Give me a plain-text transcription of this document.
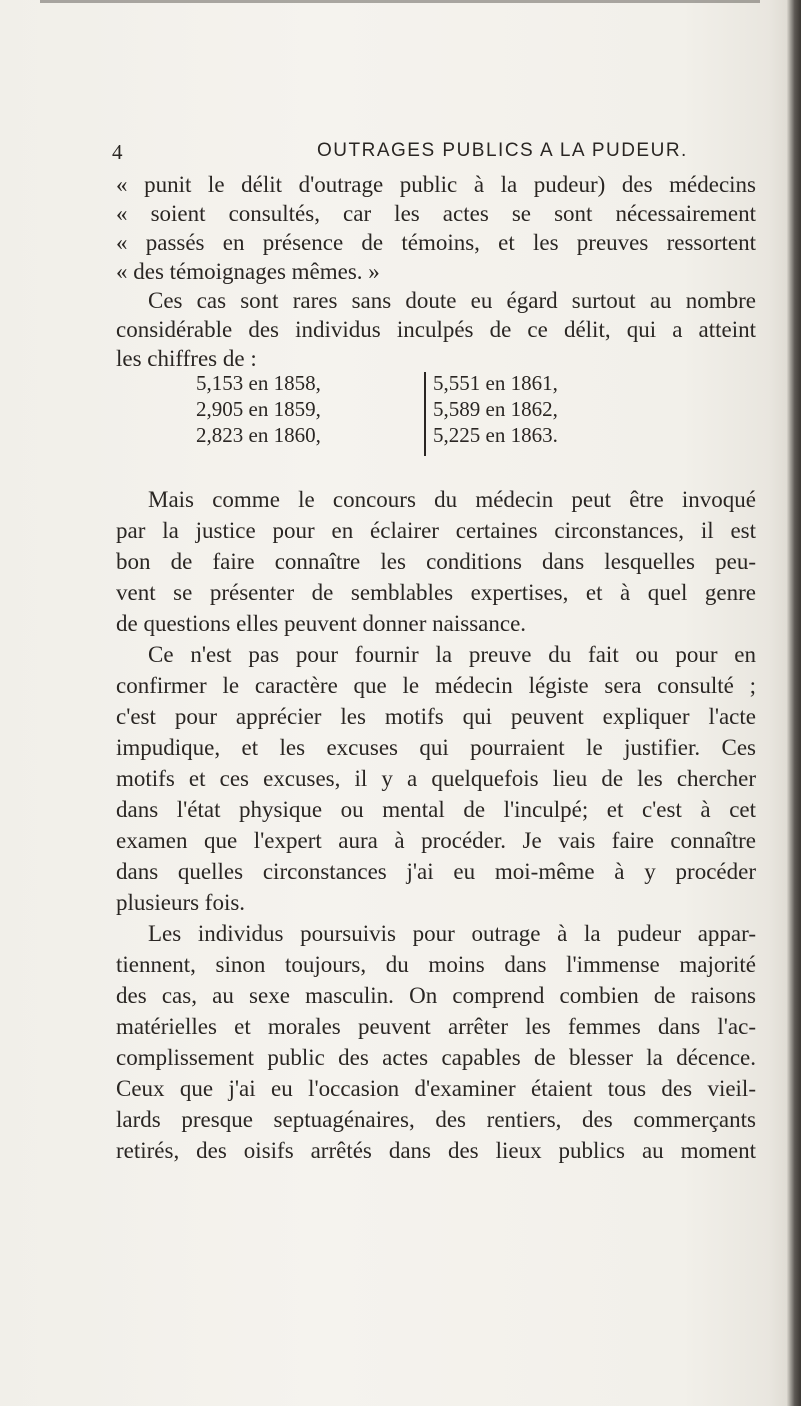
4	OUTRAGES PUBLICS A LA PUDEUR.
« punit le délit d'outrage public à la pudeur) des médecins
« soient consultés, car les actes se sont nécessairement
« passés en présence de témoins, et les preuves ressortent
« des témoignages mêmes. »
Ces cas sont rares sans doute eu égard surtout au nombre
considérable des individus inculpés de ce délit, qui a atteint
les chiffres de :
5,153 en 1858,
2,905 en 1859,
2,823 en 1860,
5,551 en 1861,
5,589 en 1862,
5,225 en 1863.
Mais comme le concours du médecin peut être invoqué
par la justice pour en éclairer certaines circonstances, il est
bon de faire connaître les conditions dans lesquelles peu-
vent se présenter de semblables expertises, et à quel genre
de questions elles peuvent donner naissance.
Ce n'est pas pour fournir la preuve du fait ou pour en
confirmer le caractère que le médecin légiste sera consulté ;
c'est pour apprécier les motifs qui peuvent expliquer l'acte
impudique, et les excuses qui pourraient le justifier. Ces
motifs et ces excuses, il y a quelquefois lieu de les chercher
dans l'état physique ou mental de l'inculpé; et c'est à cet
examen que l'expert aura à procéder. Je vais faire connaître
dans quelles circonstances j'ai eu moi-même à y procéder
plusieurs fois.
Les individus poursuivis pour outrage à la pudeur appar-
tiennent, sinon toujours, du moins dans l'immense majorité
des cas, au sexe masculin. On comprend combien de raisons
matérielles et morales peuvent arrêter les femmes dans l'ac-
complissement public des actes capables de blesser la décence.
Ceux que j'ai eu l'occasion d'examiner étaient tous des vieil-
lards presque septuagénaires, des rentiers, des commerçants
retirés, des oisifs arrêtés dans des lieux publics au moment
